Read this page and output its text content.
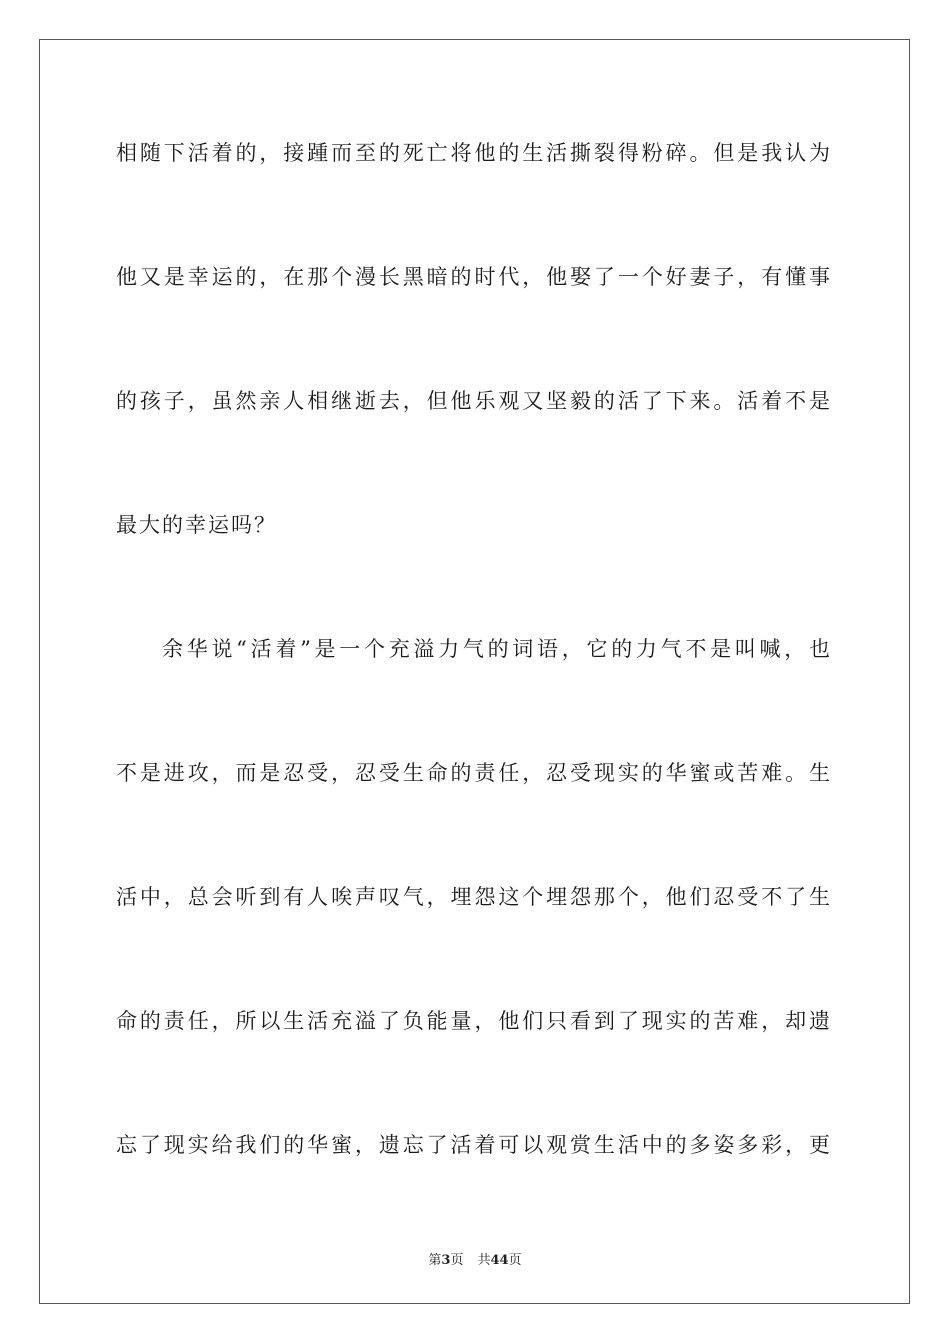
相随下活着的，接踵而至的死亡将他的生活撕裂得粉碎。但是我认为
他又是幸运的，在那个漫长黑暗的时代，他娶了一个好妻子，有懂事
的孩子，虽然亲人相继逝去，但他乐观又坚毅的活了下来。活着不是
最大的幸运吗？
余华说“活着”是一个充溢力气的词语，它的力气不是叫喊，也
不是进攻，而是忍受，忍受生命的责任，忍受现实的华蜜或苦难。生
活中，总会听到有人唉声叹气，埋怨这个埋怨那个，他们忍受不了生
命的责任，所以生活充溢了负能量，他们只看到了现实的苦难，却遗
忘了现实给我们的华蜜，遗忘了活着可以观赏生活中的多姿多彩，更
第3页 共44页
